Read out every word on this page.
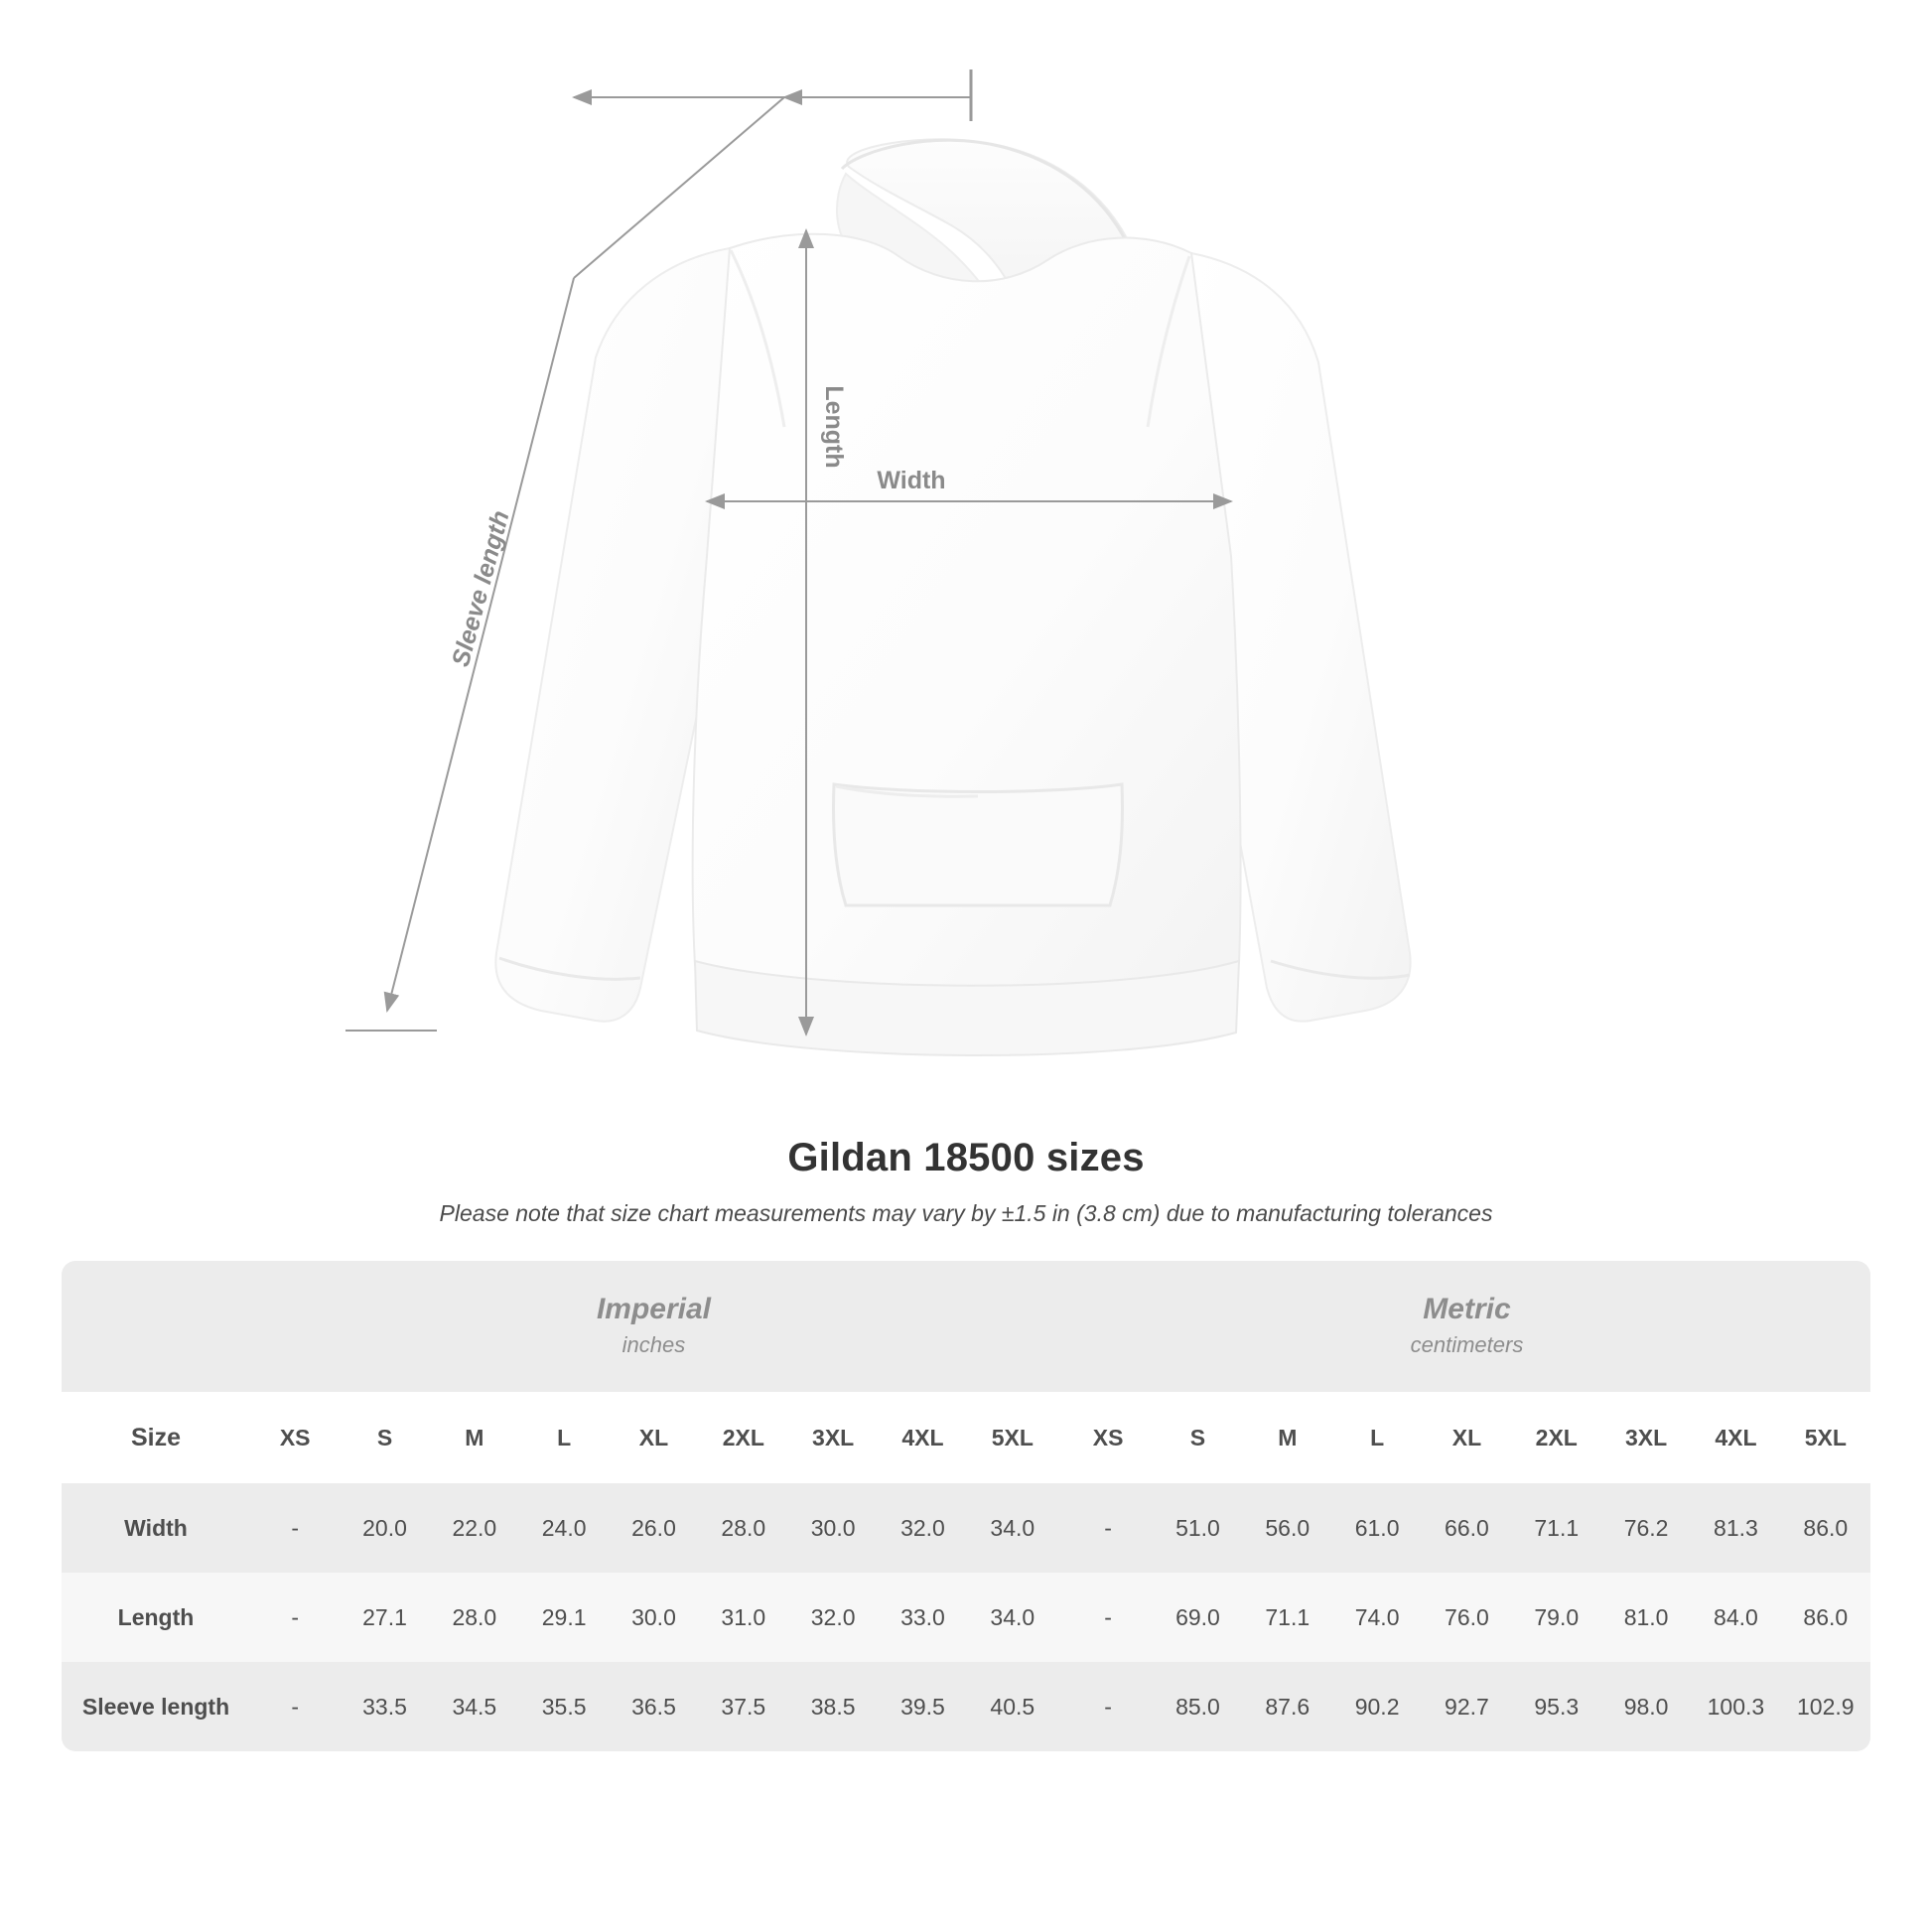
Sleeve length
Length
Width
Gildan 18500 sizes
Please note that size chart measurements may vary by ±1.5 in (3.8 cm) due to manufacturing tolerances

Imperial
inches

Metric
centimeters

Size	XS	S	M	L	XL	2XL	3XL	4XL	5XL		XS	S	M	L	XL	2XL	3XL	4XL	5XL
Width	-	20.0	22.0	24.0	26.0	28.0	30.0	32.0	34.0		-	51.0	56.0	61.0	66.0	71.1	76.2	81.3	86.0
Length	-	27.1	28.0	29.1	30.0	31.0	32.0	33.0	34.0		-	69.0	71.1	74.0	76.0	79.0	81.0	84.0	86.0
Sleeve length	-	33.5	34.5	35.5	36.5	37.5	38.5	39.5	40.5		-	85.0	87.6	90.2	92.7	95.3	98.0	100.3	102.9
